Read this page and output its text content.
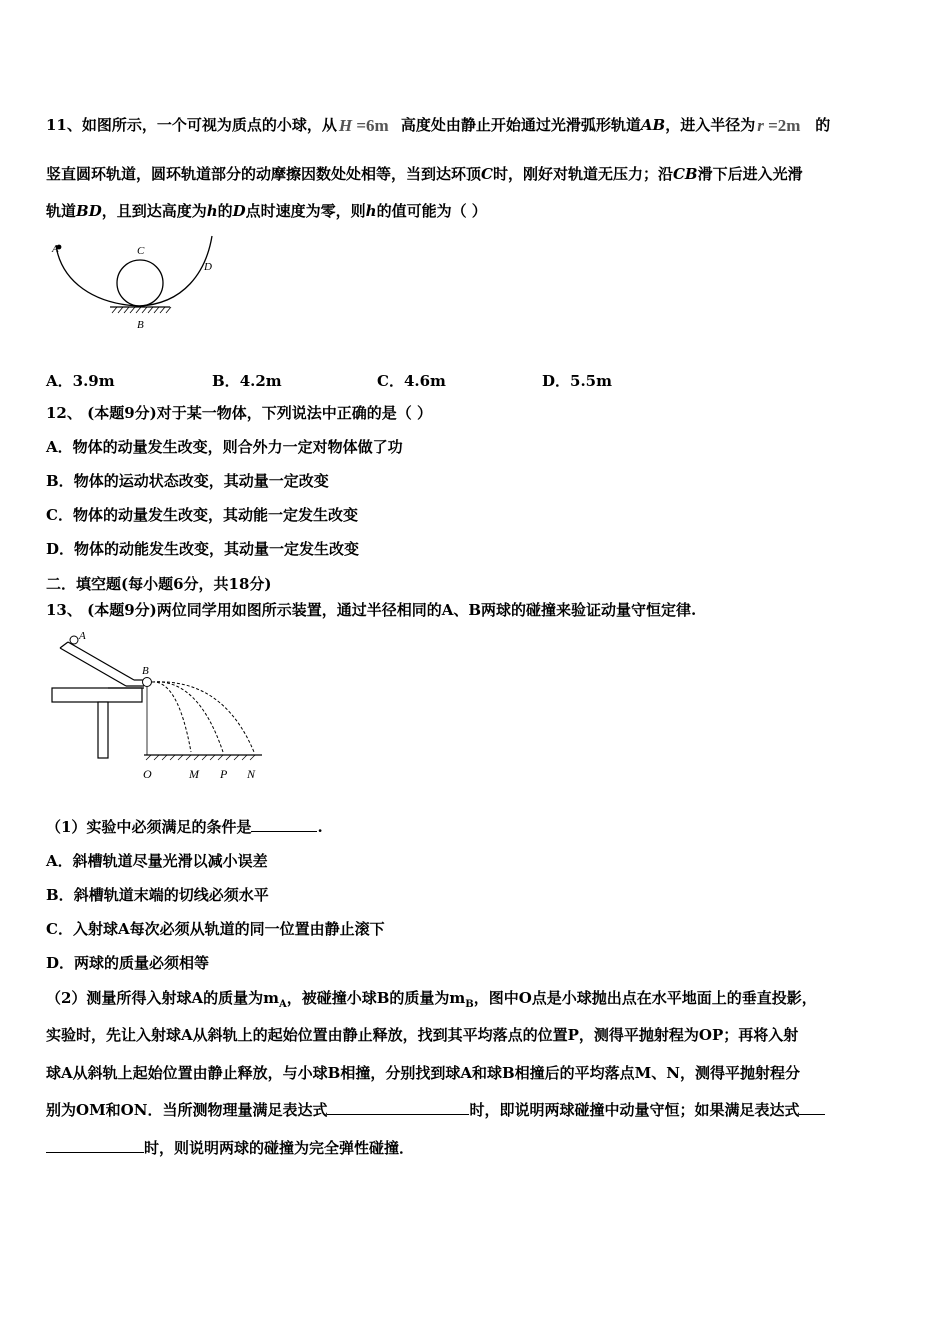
11、如图所示，一个可视为质点的小球，从 H =6m 高度处由静止开始通过光滑弧形轨道AB，进入半径为 r =2m 的
竖直圆环轨道，圆环轨道部分的动摩擦因数处处相等，当到达环顶C时，刚好对轨道无压力；沿CB滑下后进入光滑
轨道BD，且到达高度为h的D点时速度为零，则h的值可能为（ ）
A	C
D
B
A．3.9m	B．4.2m	C．4.6m	D．5.5m
12、 (本题9分)对于某一物体，下列说法中正确的是（ ）
A．物体的动量发生改变，则合外力一定对物体做了功
B．物体的运动状态改变，其动量一定改变
C．物体的动量发生改变，其动能一定发生改变
D．物体的动能发生改变，其动量一定发生改变
二．填空题(每小题6分，共18分)
13、 (本题9分)两位同学用如图所示装置，通过半径相同的A、B两球的碰撞来验证动量守恒定律.
A
B
O	M P N
（1）实验中必须满足的条件是	.
A．斜槽轨道尽量光滑以减小误差
B．斜槽轨道末端的切线必须水平
C．入射球A每次必须从轨道的同一位置由静止滚下
D．两球的质量必须相等
（2）测量所得入射球A的质量为$m_A$，被碰撞小球B的质量为$m_B$，图中O点是小球抛出点在水平地面上的垂直投影，
实验时，先让入射球A从斜轨上的起始位置由静止释放，找到其平均落点的位置P，测得平抛射程为OP；再将入射
球A从斜轨上起始位置由静止释放，与小球B相撞，分别找到球A和球B相撞后的平均落点M、N，测得平抛射程分
别为OM和ON．当所测物理量满足表达式	时，即说明两球碰撞中动量守恒；如果满足表达式
时，则说明两球的碰撞为完全弹性碰撞．
